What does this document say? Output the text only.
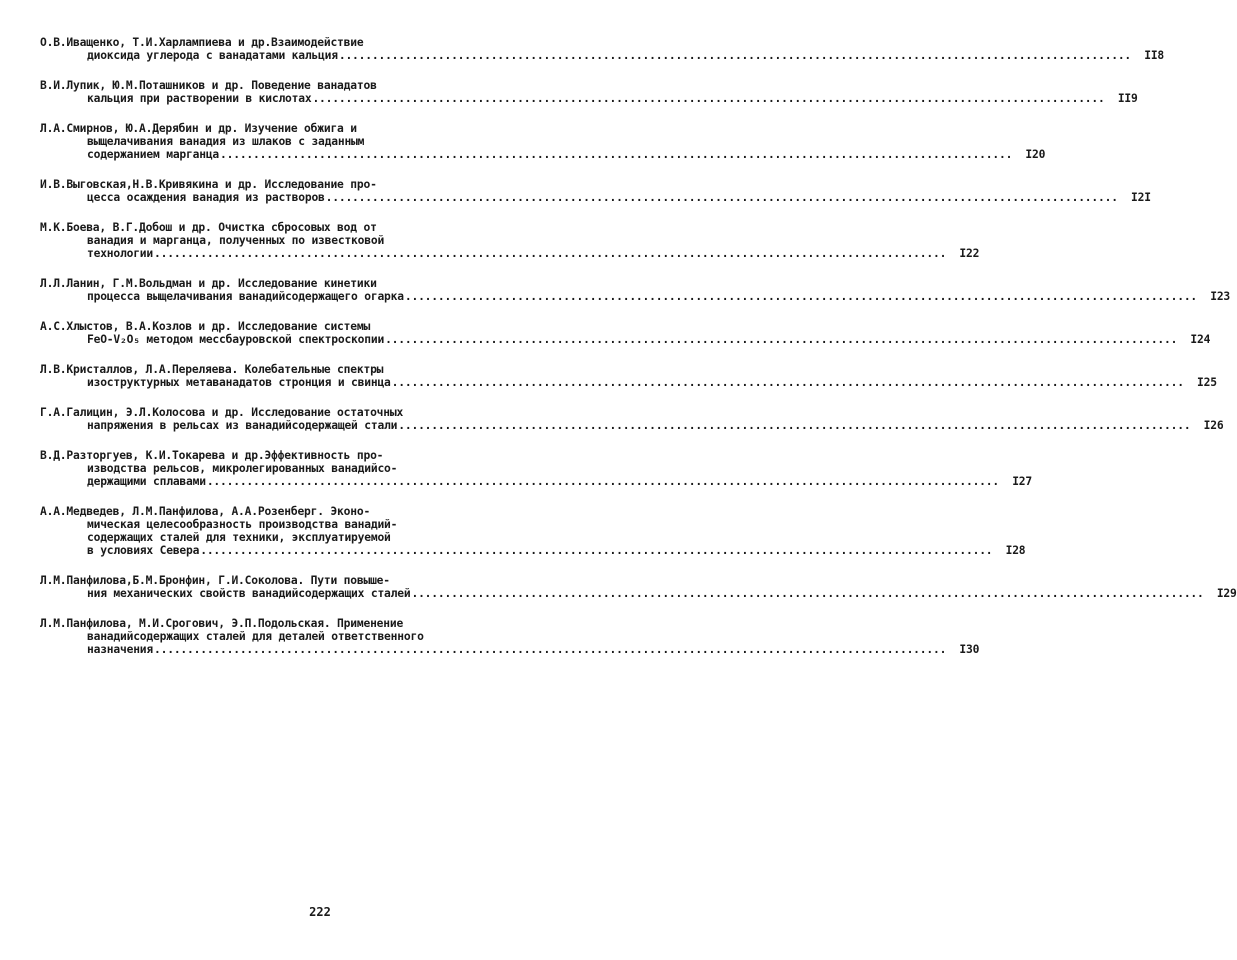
О.В.Иващенко, Т.И.Харлампиева и др.Взаимодействие
диоксида углерода с ванадатами кальция ........................................................................................................................	II8
В.И.Лупик, Ю.М.Поташников и др. Поведение ванадатов
кальция при растворении в кислотах ........................................................................................................................	II9
Л.А.Смирнов, Ю.А.Дерябин и др. Изучение обжига и
выщелачивания ванадия из шлаков с заданным
содержанием марганца ........................................................................................................................	I20
И.В.Выговская,Н.В.Кривякина и др. Исследование про-
цесса осаждения ванадия из растворов ........................................................................................................................	I2I
М.К.Боева, В.Г.Добош и др. Очистка сбросовых вод от
ванадия и марганца, полученных по известковой
технологии ........................................................................................................................	I22
Л.Л.Ланин, Г.М.Вольдман и др. Исследование кинетики
процесса выщелачивания ванадийсодержащего огарка ........................................................................................................................	I23
А.С.Хлыстов, В.А.Козлов и др. Исследование системы
FeO-V₂O₅ методом мессбауровской спектроскопии ........................................................................................................................	I24
Л.В.Кристаллов, Л.А.Переляева. Колебательные спектры
изоструктурных метаванадатов стронция и свинца ........................................................................................................................	I25
Г.А.Галицин, Э.Л.Колосова и др. Исследование остаточных
напряжения в рельсах из ванадийсодержащей стали ........................................................................................................................	I26
В.Д.Разторгуев, К.И.Токарева и др.Эффективность про-
изводства рельсов, микролегированных ванадийсо-
держащими сплавами ........................................................................................................................	I27
А.А.Медведев, Л.М.Панфилова, А.А.Розенберг. Эконо-
мическая целесообразность производства ванадий-
содержащих сталей для техники, эксплуатируемой
в условиях Севера ........................................................................................................................	I28
Л.М.Панфилова,Б.М.Бронфин, Г.И.Соколова. Пути повыше-
ния механических свойств ванадийсодержащих сталей ........................................................................................................................	I29
Л.М.Панфилова, М.И.Срогович, Э.П.Подольская. Применение
ванадийсодержащих сталей для деталей ответственного
назначения ........................................................................................................................	I30
222
